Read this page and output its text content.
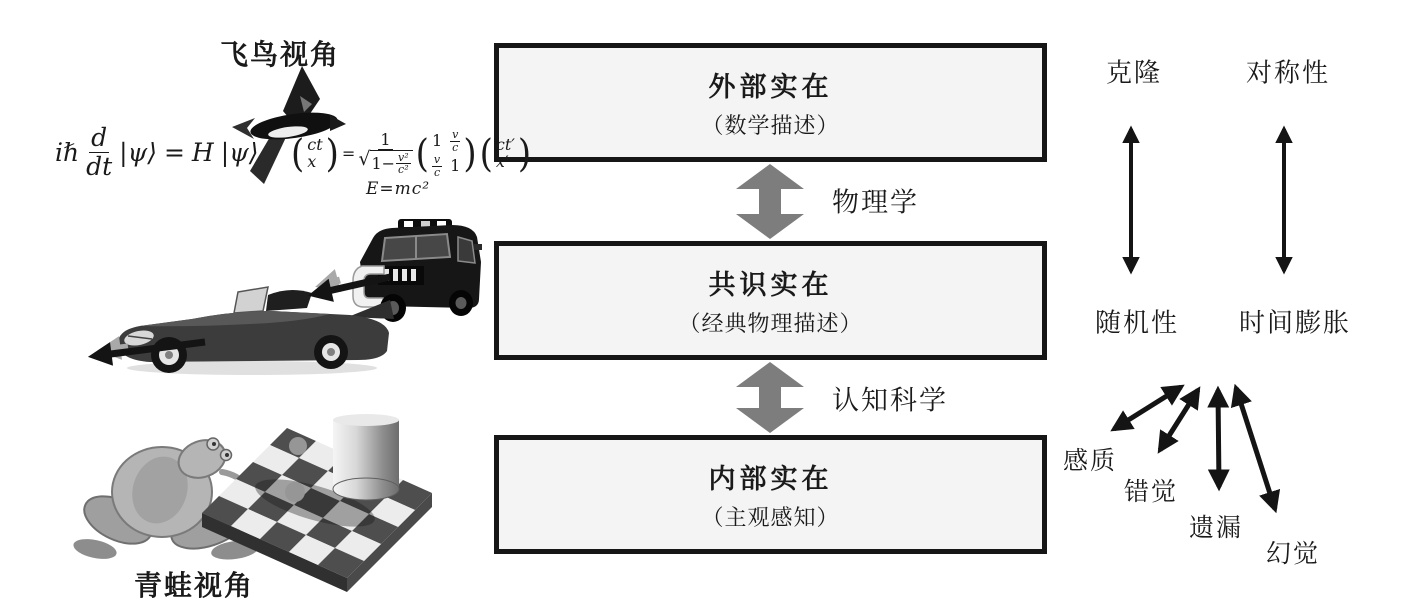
外部实在
（数学描述）
共识实在
（经典物理描述）
内部实在
（主观感知）
物理学
认知科学
飞鸟视角
青蛙视角
克隆	对称性
随机性 时间膨胀
感质
错觉
遗漏
幻觉
iℏ $\frac{d}{dt}$ |ψ⟩ = H |ψ⟩ ( ct
x ) =
1
√ $1- \frac{\text{v²}}{\text{c²}}$ ( $1 \frac{v}{c}$
$\frac{v}{c} 1$ ) ( ct′
x′ )
E=mc²
